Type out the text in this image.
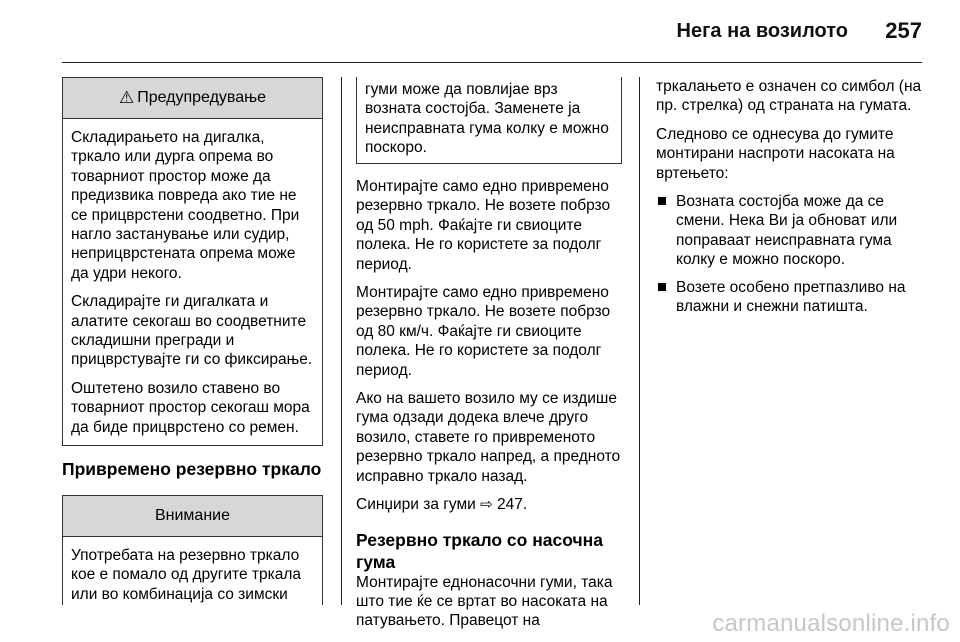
Нега на возилото 257
⚠ Предупредување

Складирањето на дигалка, тркало или дурга опрема во товарниот простор може да предизвика повреда ако тие не се прицврстени соодветно. При нагло застанување или судир, неприцврстената опрема може да удри некого.

Складирајте ги дигалката и алатите секогаш во соодветните складишни прегради и прицврстувајте ги со фиксирање.

Оштетено возило ставено во товарниот простор секогаш мора да биде прицврстено со ремен.

Привремено резервно тркало
Внимание

Употребата на резервно тркало кое е помало од другите тркала или во комбинација со зимски

гуми може да повлијае врз возната состојба. Заменете ја неисправната гума колку е можно поскоро.

Монтирајте само едно привремено резервно тркало. Не возете побрзо од 50 mph. Фаќајте ги свиоците полека. Не го користете за подолг период.

Монтирајте само едно привремено резервно тркало. Не возете побрзо од 80 км/ч. Фаќајте ги свиоците полека. Не го користете за подолг период.

Ако на вашето возило му се издише гума одзади додека влече друго возило, ставете го привременото резервно тркало напред, а предното исправно тркало назад.

Синџири за гуми ⇨ 247.

Резервно тркало со насочна гума

Монтирајте еднонасочни гуми, така што тие ќе се вртат во насоката на патувањето. Правецот на

тркалањето е означен со симбол (на пр. стрелка) од страната на гумата.

Следново се однесува до гумите монтирани наспроти насоката на вртењето:

Возната состојба може да се смени. Нека Ви ја обноват или поправаат неисправната гума колку е можно поскоро.
Возете особено претпазливо на влажни и снежни патишта.
carmanualsonline.info
